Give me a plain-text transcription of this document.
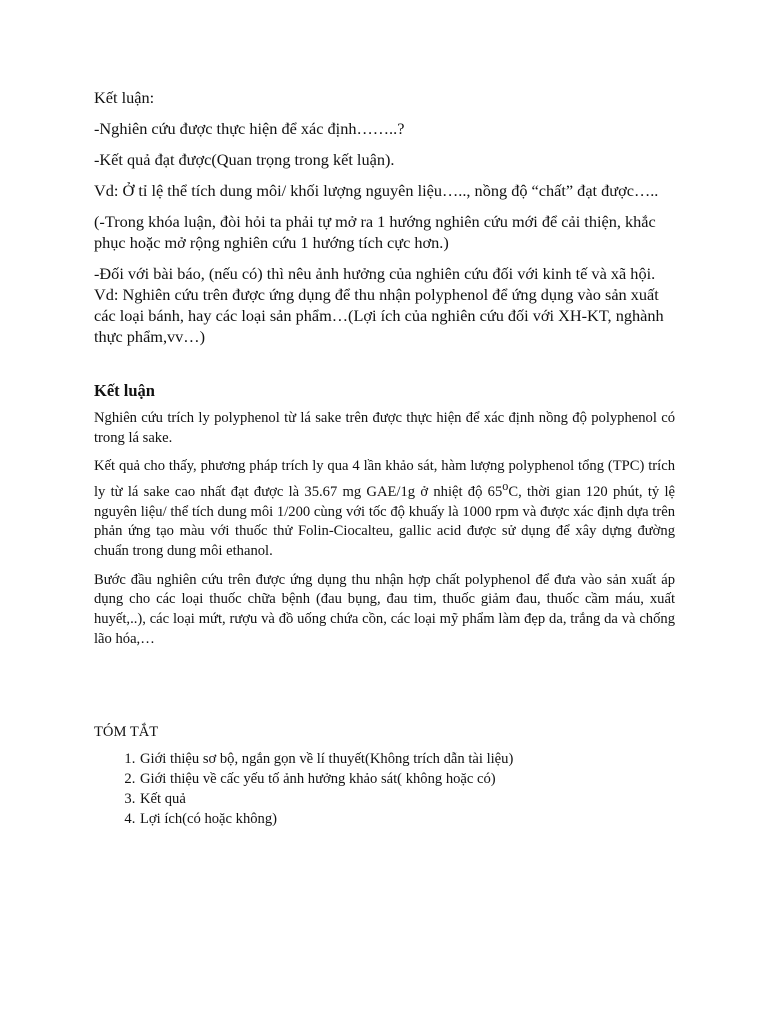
Kết luận:

-Nghiên cứu được thực hiện để xác định……..?

-Kết quả đạt được(Quan trọng trong kết luận).

Vd: Ở tỉ lệ thể tích dung môi/ khối lượng nguyên liệu….., nồng độ “chất” đạt được…..

(-Trong khóa luận, đòi hỏi ta phải tự mở ra 1 hướng nghiên cứu mới để cải thiện, khắc phục hoặc mở rộng nghiên cứu 1 hướng tích cực hơn.)

-Đối với bài báo, (nếu có) thì nêu ảnh hưởng của nghiên cứu đối với kinh tế và xã hội. Vd: Nghiên cứu trên được ứng dụng để thu nhận polyphenol để ứng dụng vào sản xuất các loại bánh, hay các loại sản phẩm…(Lợi ích của nghiên cứu đối với XH-KT, nghành thực phẩm,vv…)

Kết luận

Nghiên cứu trích ly polyphenol từ lá sake trên được thực hiện để xác định nồng độ polyphenol có trong lá sake.

Kết quả cho thấy, phương pháp trích ly qua 4 lần khảo sát, hàm lượng polyphenol tổng (TPC) trích ly từ lá sake cao nhất đạt được là 35.67 mg GAE/1g ở nhiệt độ 65$^o$C, thời gian 120 phút, tỷ lệ nguyên liệu/ thể tích dung môi 1/200 cùng với tốc độ khuấy là 1000 rpm và được xác định dựa trên phản ứng tạo màu với thuốc thử Folin-Ciocalteu, gallic acid được sử dụng để xây dựng đường chuẩn trong dung môi ethanol.

Bước đầu nghiên cứu trên được ứng dụng thu nhận hợp chất polyphenol để đưa vào sản xuất áp dụng cho các loại thuốc chữa bệnh (đau bụng, đau tim, thuốc giảm đau, thuốc cầm máu, xuất huyết,..), các loại mứt, rượu và đồ uống chứa cồn, các loại mỹ phẩm làm đẹp da, trắng da và chống lão hóa,…

TÓM TẮT

1. Giới thiệu sơ bộ, ngắn gọn về lí thuyết(Không trích dẫn tài liệu)
2. Giới thiệu về cấc yếu tố ảnh hưởng khảo sát( không hoặc có)
3. Kết quả
4. Lợi ích(có hoặc không)
